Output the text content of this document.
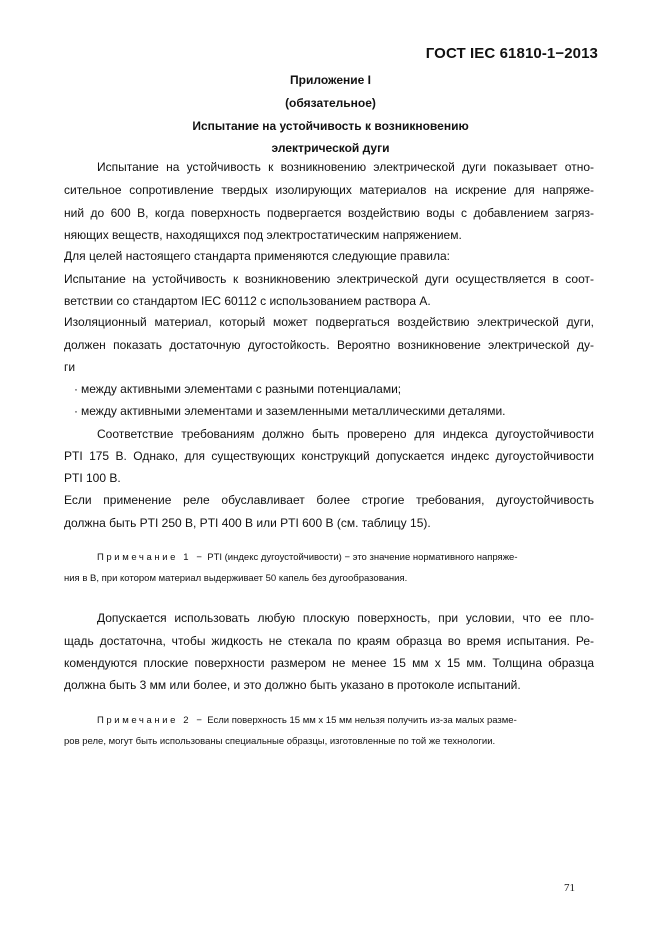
ГОСТ IEC 61810-1−2013
Приложение I
(обязательное)
Испытание на устойчивость к возникновению
электрической дуги
Испытание на устойчивость к возникновению электрической дуги показывает отно-
сительное сопротивление твердых изолирующих материалов на искрение для напряже-
ний до 600 В, когда поверхность подвергается воздействию воды с добавлением загряз-
няющих веществ, находящихся под электростатическим напряжением.
Для целей настоящего стандарта применяются следующие правила:
Испытание на устойчивость к возникновению электрической дуги осуществляется в соот-
ветствии со стандартом IEC 60112 с использованием раствора А.
Изоляционный материал, который может подвергаться воздействию электрической дуги,
должен показать достаточную дугостойкость. Вероятно возникновение электрической ду-
ги
· между активными элементами с разными потенциалами;
· между активными элементами и заземленными металлическими деталями.
Соответствие требованиям должно быть проверено для индекса дугоустойчивости
PTI 175 В. Однако, для существующих конструкций допускается индекс дугоустойчивости
PTI 100 В.
Если применение реле обуславливает более строгие требования, дугоустойчивость
должна быть PTI 250 В, PTI 400 В или PTI 600 В (см. таблицу 15).
Примечание 1  −  PTI (индекс дугоустойчивости) − это значение нормативного напряже-
ния в В, при котором материал выдерживает 50 капель без дугообразования.
Допускается использовать любую плоскую поверхность, при условии, что ее пло-
щадь достаточна, чтобы жидкость не стекала по краям образца во время испытания. Ре-
комендуются плоские поверхности размером не менее 15 мм х 15 мм. Толщина образца
должна быть 3 мм или более, и это должно быть указано в протоколе испытаний.
Примечание 2  −  Если поверхность 15 мм х 15 мм нельзя получить из-за малых разме-
ров реле, могут быть использованы специальные образцы, изготовленные по той же технологии.
71
